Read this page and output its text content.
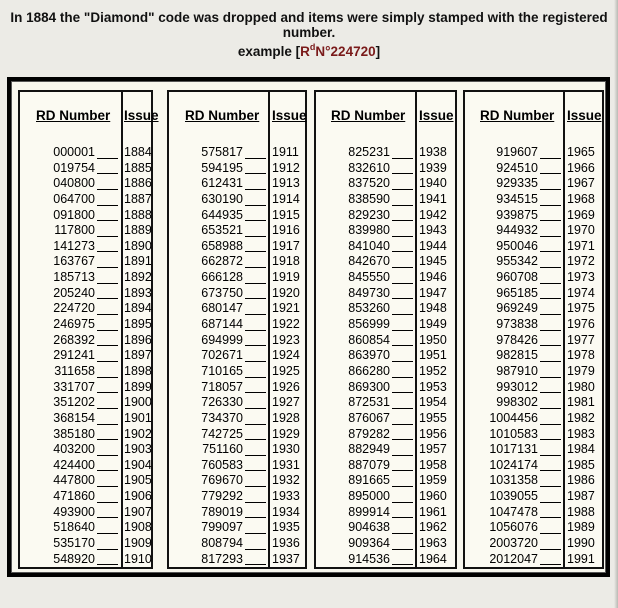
In 1884 the "Diamond" code was dropped and items were simply stamped with the registered number.
example $[R^dN^\circ 224720]$
RD Number Issue
000001 1884
019754 1885
040800 1886
064700 1887
091800 1888
117800 1889
141273 1890
163767 1891
185713 1892
205240 1893
224720 1894
246975 1895
268392 1896
291241 1897
311658 1898
331707 1899
351202 1900
368154 1901
385180 1902
403200 1903
424400 1904
447800 1905
471860 1906
493900 1907
518640 1908
535170 1909
548920 1910
RD Number Issue
575817 1911
594195 1912
612431 1913
630190 1914
644935 1915
653521 1916
658988 1917
662872 1918
666128 1919
673750 1920
680147 1921
687144 1922
694999 1923
702671 1924
710165 1925
718057 1926
726330 1927
734370 1928
742725 1929
751160 1930
760583 1931
769670 1932
779292 1933
789019 1934
799097 1935
808794 1936
817293 1937
RD Number Issue
825231 1938
832610 1939
837520 1940
838590 1941
829230 1942
839980 1943
841040 1944
842670 1945
845550 1946
849730 1947
853260 1948
856999 1949
860854 1950
863970 1951
866280 1952
869300 1953
872531 1954
876067 1955
879282 1956
882949 1957
887079 1958
891665 1959
895000 1960
899914 1961
904638 1962
909364 1963
914536 1964
RD Number Issue
919607 1965
924510 1966
929335 1967
934515 1968
939875 1969
944932 1970
950046 1971
955342 1972
960708 1973
965185 1974
969249 1975
973838 1976
978426 1977
982815 1978
987910 1979
993012 1980
998302 1981
1004456 1982
1010583 1983
1017131 1984
1024174 1985
1031358 1986
1039055 1987
1047478 1988
1056076 1989
2003720 1990
2012047 1991
